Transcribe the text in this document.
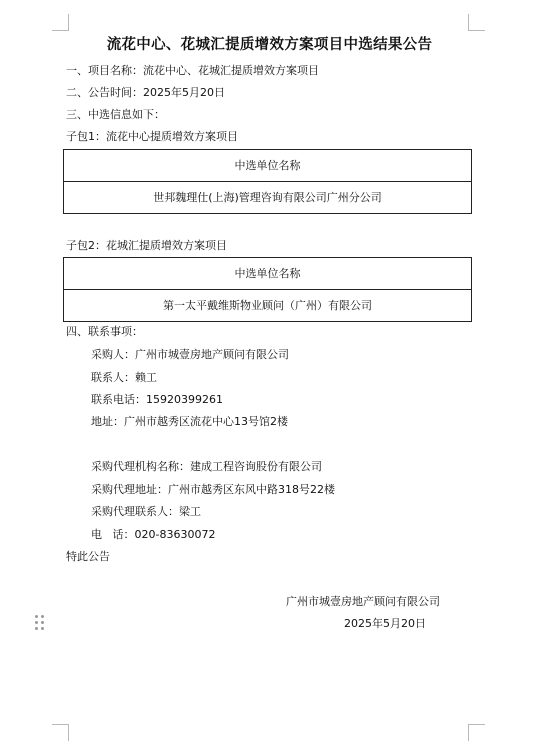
流花中心、花城汇提质增效方案项目中选结果公告
一、项目名称：流花中心、花城汇提质增效方案项目
二、公告时间：2025年5月20日
三、中选信息如下：
子包1：流花中心提质增效方案项目
中选单位名称
世邦魏理仕(上海)管理咨询有限公司广州分公司
子包2：花城汇提质增效方案项目
中选单位名称
第一太平戴维斯物业顾问（广州）有限公司
四、联系事项：
采购人：广州市城壹房地产顾问有限公司
联系人：赖工
联系电话：15920399261
地址：广州市越秀区流花中心13号馆2楼
采购代理机构名称：建成工程咨询股份有限公司
采购代理地址：广州市越秀区东风中路318号22楼
采购代理联系人：梁工
电   话：020-83630072
特此公告
广州市城壹房地产顾问有限公司
2025年5月20日
